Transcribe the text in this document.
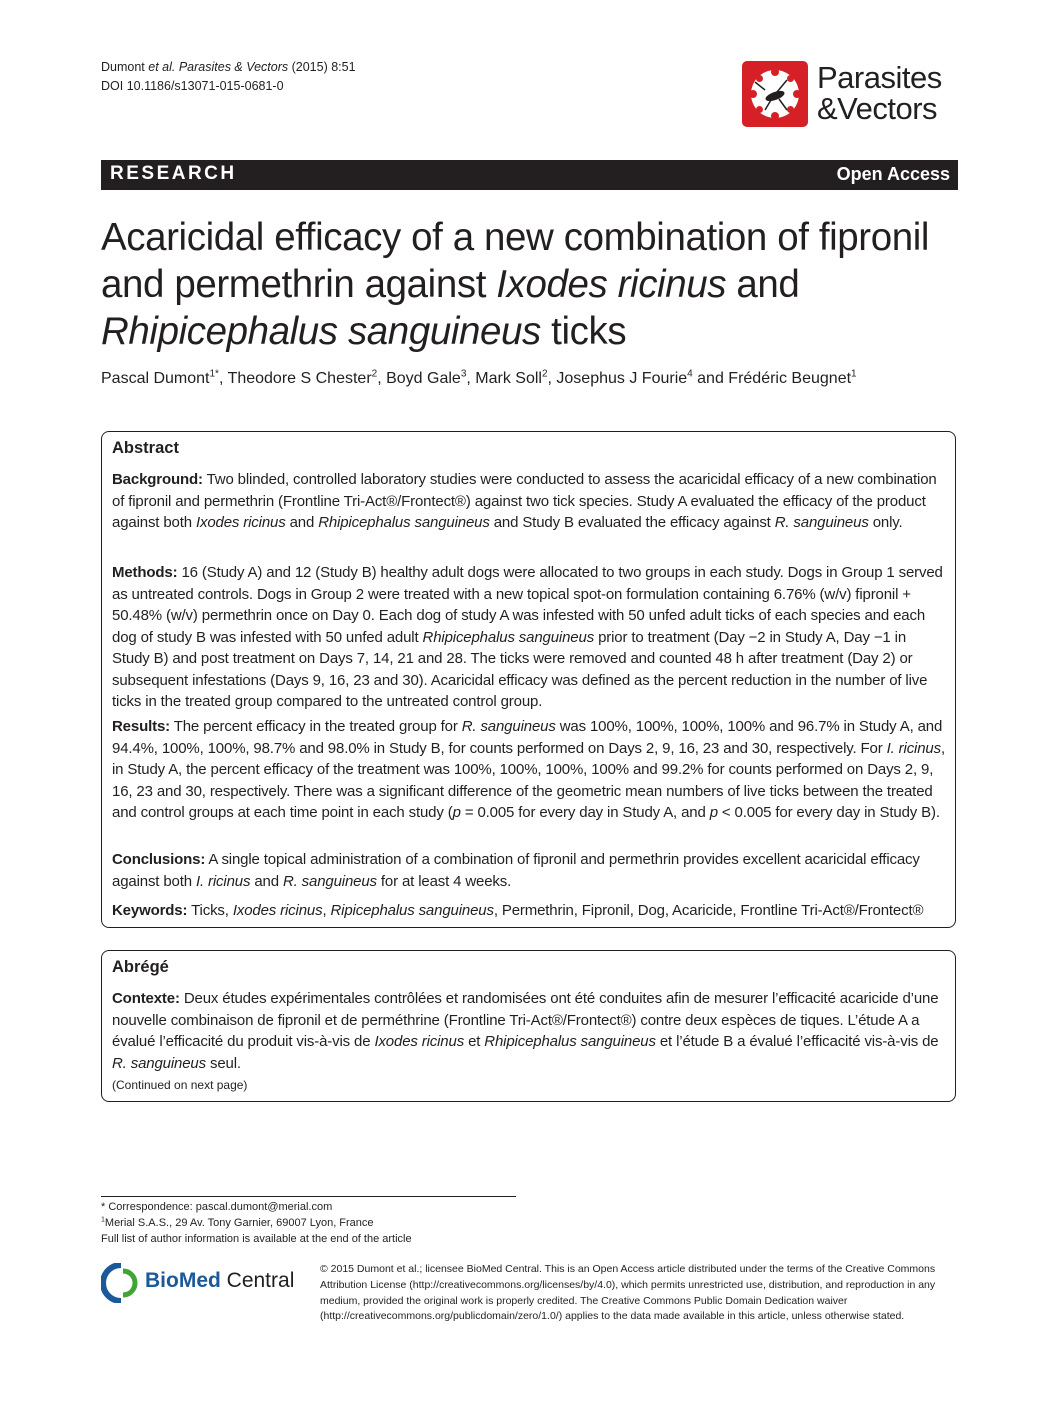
Dumont et al. Parasites & Vectors (2015) 8:51
DOI 10.1186/s13071-015-0681-0	Parasites
&Vectors
RESEARCH	Open Access
Acaricidal efficacy of a new combination of fipronil and permethrin against Ixodes ricinus and Rhipicephalus sanguineus ticks
Pascal Dumont$^{1*}$, Theodore S Chester$^2$, Boyd Gale$^3$, Mark Soll$^2$, Josephus J Fourie$^4$ and Frédéric Beugnet$^1$
Abstract

Background: Two blinded, controlled laboratory studies were conducted to assess the acaricidal efficacy of a new combination of fipronil and permethrin (Frontline Tri-Act®/Frontect®) against two tick species. Study A evaluated the efficacy of the product against both Ixodes ricinus and Rhipicephalus sanguineus and Study B evaluated the efficacy against R. sanguineus only.

Methods: 16 (Study A) and 12 (Study B) healthy adult dogs were allocated to two groups in each study. Dogs in Group 1 served as untreated controls. Dogs in Group 2 were treated with a new topical spot-on formulation containing 6.76% (w/v) fipronil + 50.48% (w/v) permethrin once on Day 0. Each dog of study A was infested with 50 unfed adult ticks of each species and each dog of study B was infested with 50 unfed adult Rhipicephalus sanguineus prior to treatment (Day −2 in Study A, Day −1 in Study B) and post treatment on Days 7, 14, 21 and 28. The ticks were removed and counted 48 h after treatment (Day 2) or subsequent infestations (Days 9, 16, 23 and 30). Acaricidal efficacy was defined as the percent reduction in the number of live ticks in the treated group compared to the untreated control group.

Results: The percent efficacy in the treated group for R. sanguineus was 100%, 100%, 100%, 100% and 96.7% in Study A, and 94.4%, 100%, 100%, 98.7% and 98.0% in Study B, for counts performed on Days 2, 9, 16, 23 and 30, respectively. For I. ricinus, in Study A, the percent efficacy of the treatment was 100%, 100%, 100%, 100% and 99.2% for counts performed on Days 2, 9, 16, 23 and 30, respectively. There was a significant difference of the geometric mean numbers of live ticks between the treated and control groups at each time point in each study (p = 0.005 for every day in Study A, and p < 0.005 for every day in Study B).

Conclusions: A single topical administration of a combination of fipronil and permethrin provides excellent acaricidal efficacy against both I. ricinus and R. sanguineus for at least 4 weeks.

Keywords: Ticks, Ixodes ricinus, Ripicephalus sanguineus, Permethrin, Fipronil, Dog, Acaricide, Frontline Tri-Act®/Frontect®

Abrégé

Contexte: Deux études expérimentales contrôlées et randomisées ont été conduites afin de mesurer l’efficacité acaricide d’une nouvelle combinaison de fipronil et de perméthrine (Frontline Tri-Act®/Frontect®) contre deux espèces de tiques. L’étude A a évalué l’efficacité du produit vis-à-vis de Ixodes ricinus et Rhipicephalus sanguineus et l’étude B a évalué l’efficacité vis-à-vis de R. sanguineus seul.

(Continued on next page)
* Correspondence: pascal.dumont@merial.com
$^1$Merial S.A.S., 29 Av. Tony Garnier, 69007 Lyon, France
Full list of author information is available at the end of the article
BioMed Central © 2015 Dumont et al.; licensee BioMed Central. This is an Open Access article distributed under the terms of the Creative Commons Attribution License (http://creativecommons.org/licenses/by/4.0), which permits unrestricted use, distribution, and reproduction in any medium, provided the original work is properly credited. The Creative Commons Public Domain Dedication waiver (http://creativecommons.org/publicdomain/zero/1.0/) applies to the data made available in this article, unless otherwise stated.
